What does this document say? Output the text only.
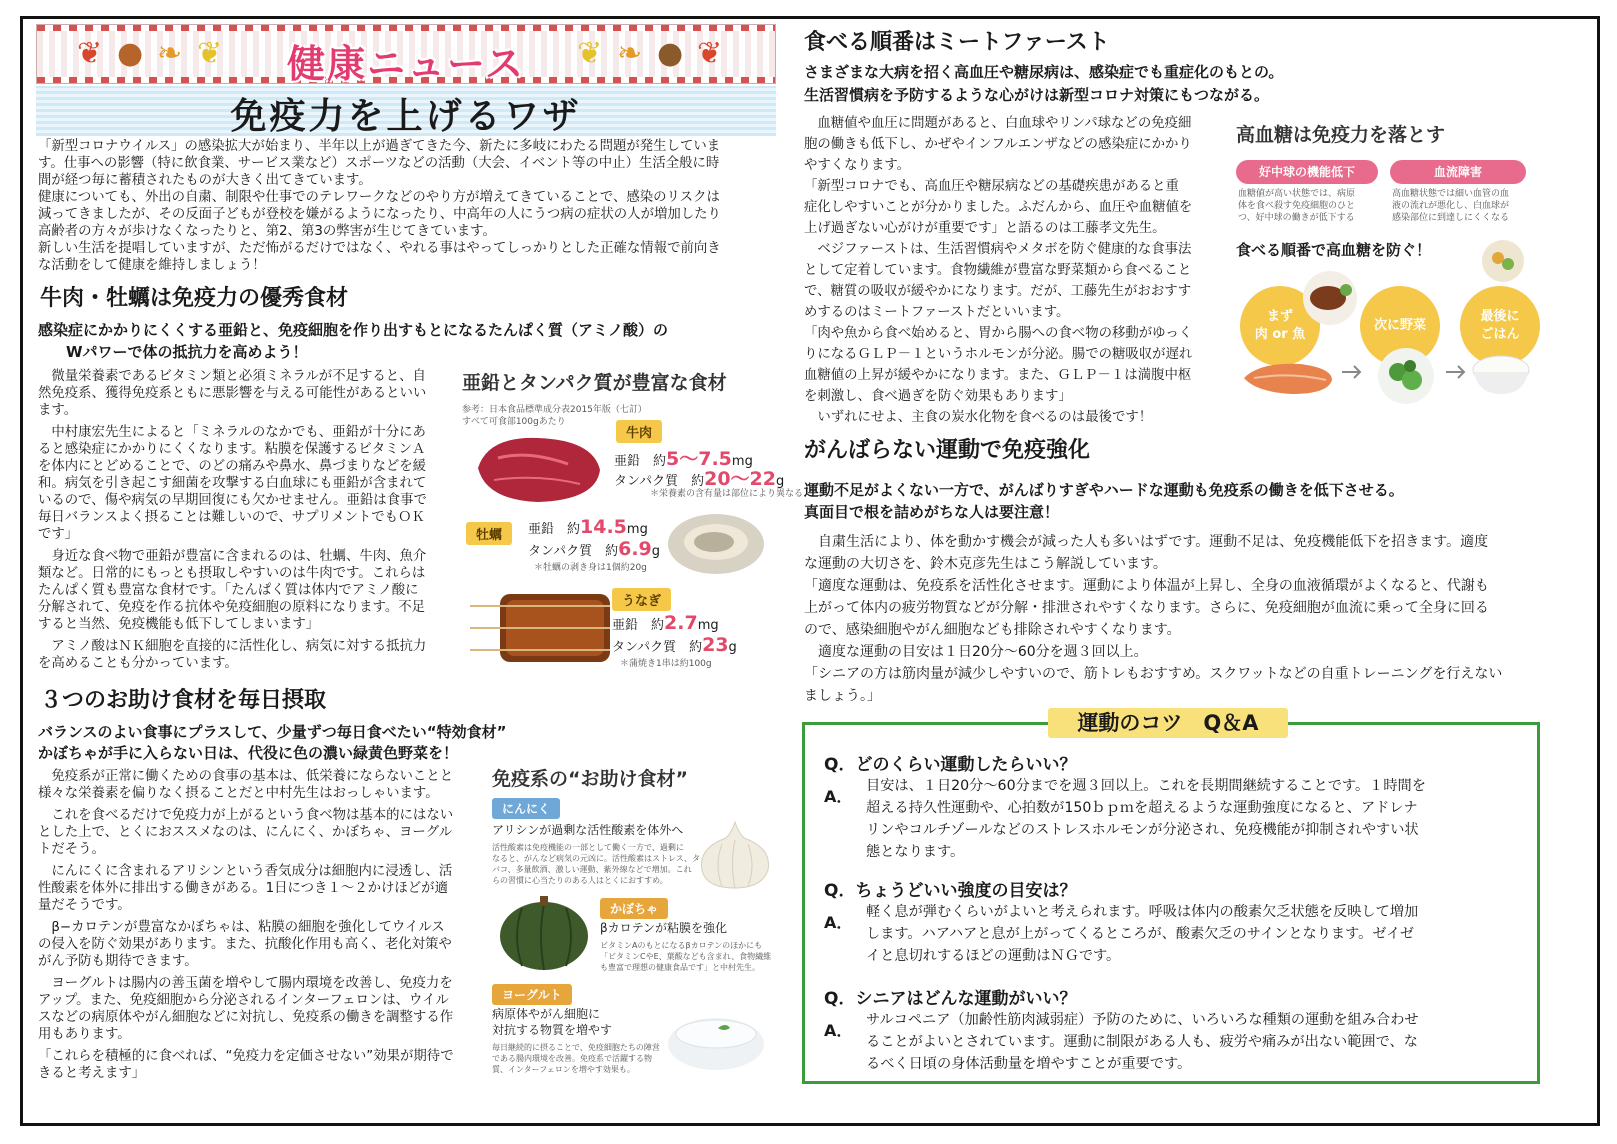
❦ ● ❧ ❦	❦ ❧ ● ❦
健康ニュース
免疫力を上げるワザ
「新型コロナウイルス」の感染拡大が始まり、半年以上が過ぎてきた今、新たに多岐にわたる問題が発生していま
す。仕事への影響（特に飲食業、サービス業など）スポーツなどの活動（大会、イベント等の中止）生活全般に時
間が経つ毎に蓄積されたものが大きく出てきています。
健康についても、外出の自粛、制限や仕事でのテレワークなどのやり方が増えてきていることで、感染のリスクは
減ってきましたが、その反面子どもが登校を嫌がるようになったり、中高年の人にうつ病の症状の人が増加したり
高齢者の方々が歩けなくなったりと、第2、第3の弊害が生じてきています。
新しい生活を提唱していますが、ただ怖がるだけではなく、やれる事はやってしっかりとした正確な情報で前向き
な活動をして健康を維持しましょう！
牛肉・牡蠣は免疫力の優秀食材
感染症にかかりにくくする亜鉛と、免疫細胞を作り出すもとになるたんぱく質（アミノ酸）の
Wパワーで体の抵抗力を高めよう！
　微量栄養素であるビタミン類と必須ミネラルが不足すると、自
然免疫系、獲得免疫系ともに悪影響を与える可能性があるといい
ます。
　中村康宏先生によると「ミネラルのなかでも、亜鉛が十分にあ
ると感染症にかかりにくくなります。粘膜を保護するビタミンＡ
を体内にとどめることで、のどの痛みや鼻水、鼻づまりなどを緩
和。病気を引き起こす細菌を攻撃する白血球にも亜鉛が含まれて
いるので、傷や病気の早期回復にも欠かせません。亜鉛は食事で
毎日バランスよく摂ることは難しいので、サプリメントでもＯＫ
です」
　身近な食べ物で亜鉛が豊富に含まれるのは、牡蠣、牛肉、魚介
類など。日常的にもっとも摂取しやすいのは牛肉です。これらは
たんぱく質も豊富な食材です。「たんぱく質は体内でアミノ酸に
分解されて、免疫を作る抗体や免疫細胞の原料になります。不足
すると当然、免疫機能も低下してしまいます」
　アミノ酸はＮＫ細胞を直接的に活性化し、病気に対する抵抗力
を高めることも分かっています。
亜鉛とタンパク質が豊富な食材
参考：日本食品標準成分表2015年版（七訂）
すべて可食部100gあたり
牛肉
亜鉛　約5～7.5mg
タンパク質　約20～22g
＊栄養素の含有量は部位により異なる
牡蠣	亜鉛　約14.5mg
タンパク質　約6.9g
＊牡蠣の剥き身は1個約20g
うなぎ
亜鉛　約2.7mg
タンパク質　約23g
＊蒲焼き1串は約100g
３つのお助け食材を毎日摂取
バランスのよい食事にプラスして、少量ずつ毎日食べたい“特効食材”
かぼちゃが手に入らない日は、代役に色の濃い緑黄色野菜を！
　免疫系が正常に働くための食事の基本は、低栄養にならないことと
様々な栄養素を偏りなく摂ることだと中村先生はおっしゃいます。
　これを食べるだけで免疫力が上がるという食べ物は基本的にはない
とした上で、とくにおススメなのは、にんにく、かぼちゃ、ヨーグル
トだそう。
　にんにくに含まれるアリシンという香気成分は細胞内に浸透し、活
性酸素を体外に排出する働きがある。1日につき１～２かけほどが適
量だそうです。
　β−カロテンが豊富なかぼちゃは、粘膜の細胞を強化してウイルス
の侵入を防ぐ効果があります。また、抗酸化作用も高く、老化対策や
がん予防も期待できます。
　ヨーグルトは腸内の善玉菌を増やして腸内環境を改善し、免疫力を
アップ。また、免疫細胞から分泌されるインターフェロンは、ウイル
スなどの病原体やがん細胞などに対抗し、免疫系の働きを調整する作
用もあります。
「これらを積極的に食べれば、“免疫力を定価させない”効果が期待で
きると考えます」
免疫系の“お助け食材”
にんにく
アリシンが過剰な活性酸素を体外へ
活性酸素は免疫機能の一部として働く一方で、過剰に
なると、がんなど病気の元凶に。活性酸素はストレス、タ
バコ、多量飲酒、激しい運動、紫外線などで増加。これ
らの習慣に心当たりのある人はとくにおすすめ。
かぼちゃ
βカロテンが粘膜を強化
ビタミンAのもとになるβカロテンのほかにも
「ビタミンCやE、葉酸なども含まれ、食物繊維
も豊富で理想の健康食品です」と中村先生。
ヨーグルト
病原体やがん細胞に
対抗する物質を増やす
毎日継続的に摂ることで、免疫細胞たちの陣営
である腸内環境を改善。免疫系で活躍する物
質、インターフェロンを増やす効果も。
食べる順番はミートファースト
さまざまな大病を招く高血圧や糖尿病は、感染症でも重症化のもとの。
生活習慣病を予防するような心がけは新型コロナ対策にもつながる。
　血糖値や血圧に問題があると、白血球やリンパ球などの免疫細
胞の働きも低下し、かぜやインフルエンザなどの感染症にかかり
やすくなります。
「新型コロナでも、高血圧や糖尿病などの基礎疾患があると重
症化しやすいことが分かりました。ふだんから、血圧や血糖値を
上げ過ぎない心がけが重要です」と語るのは工藤孝文先生。
　ベジファーストは、生活習慣病やメタボを防ぐ健康的な食事法
として定着しています。食物繊維が豊富な野菜類から食べること
で、糖質の吸収が緩やかになります。だが、工藤先生がおおすす
めするのはミートファーストだといいます。
「肉や魚から食べ始めると、胃から腸への食べ物の移動がゆっく
りになるＧＬＰ－１というホルモンが分泌。腸での糖吸収が遅れ
血糖値の上昇が緩やかになります。また、ＧＬＰ－１は満腹中枢
を刺激し、食べ過ぎを防ぐ効果もあります」
　いずれにせよ、主食の炭水化物を食べるのは最後です！
高血糖は免疫力を落とす
好中球の機能低下
血糖値が高い状態では、病原
体を食べ殺す免疫細胞のひと
つ、好中球の働きが低下する
血流障害
高血糖状態では細い血管の血
液の流れが悪化し、白血球が
感染部位に到達しにくくなる
食べる順番で高血糖を防ぐ！
まず
肉 or 魚
次に野菜
最後に
ごはん
がんばらない運動で免疫強化
運動不足がよくない一方で、がんばりすぎやハードな運動も免疫系の働きを低下させる。
真面目で根を詰めがちな人は要注意！
　自粛生活により、体を動かす機会が減った人も多いはずです。運動不足は、免疫機能低下を招きます。適度
な運動の大切さを、鈴木克彦先生はこう解説しています。
「適度な運動は、免疫系を活性化させます。運動により体温が上昇し、全身の血液循環がよくなると、代謝も
上がって体内の疲労物質などが分解・排泄されやすくなります。さらに、免疫細胞が血流に乗って全身に回る
ので、感染細胞やがん細胞なども排除されやすくなります。
　適度な運動の目安は１日20分～60分を週３回以上。
「シニアの方は筋肉量が減少しやすいので、筋トレもおすすめ。スクワットなどの自重トレーニングを行えない
ましょう。」
運動のコツ　Q＆A
Q．どのくらい運動したらいい？
A．
目安は、１日20分～60分までを週３回以上。これを長期間継続することです。１時間を
超える持久性運動や、心拍数が150ｂｐｍを超えるような運動強度になると、アドレナ
リンやコルチゾールなどのストレスホルモンが分泌され、免疫機能が抑制されやすい状
態となります。
Q．ちょうどいい強度の目安は？
A．
軽く息が弾むくらいがよいと考えられます。呼吸は体内の酸素欠乏状態を反映して増加
します。ハアハアと息が上がってくるところが、酸素欠乏のサインとなります。ゼイゼ
イと息切れするほどの運動はＮＧです。
Q．シニアはどんな運動がいい？
A．
サルコペニア（加齢性筋肉減弱症）予防のために、いろいろな種類の運動を組み合わせ
ることがよいとされています。運動に制限がある人も、疲労や痛みが出ない範囲で、な
るべく日頃の身体活動量を増やすことが重要です。
